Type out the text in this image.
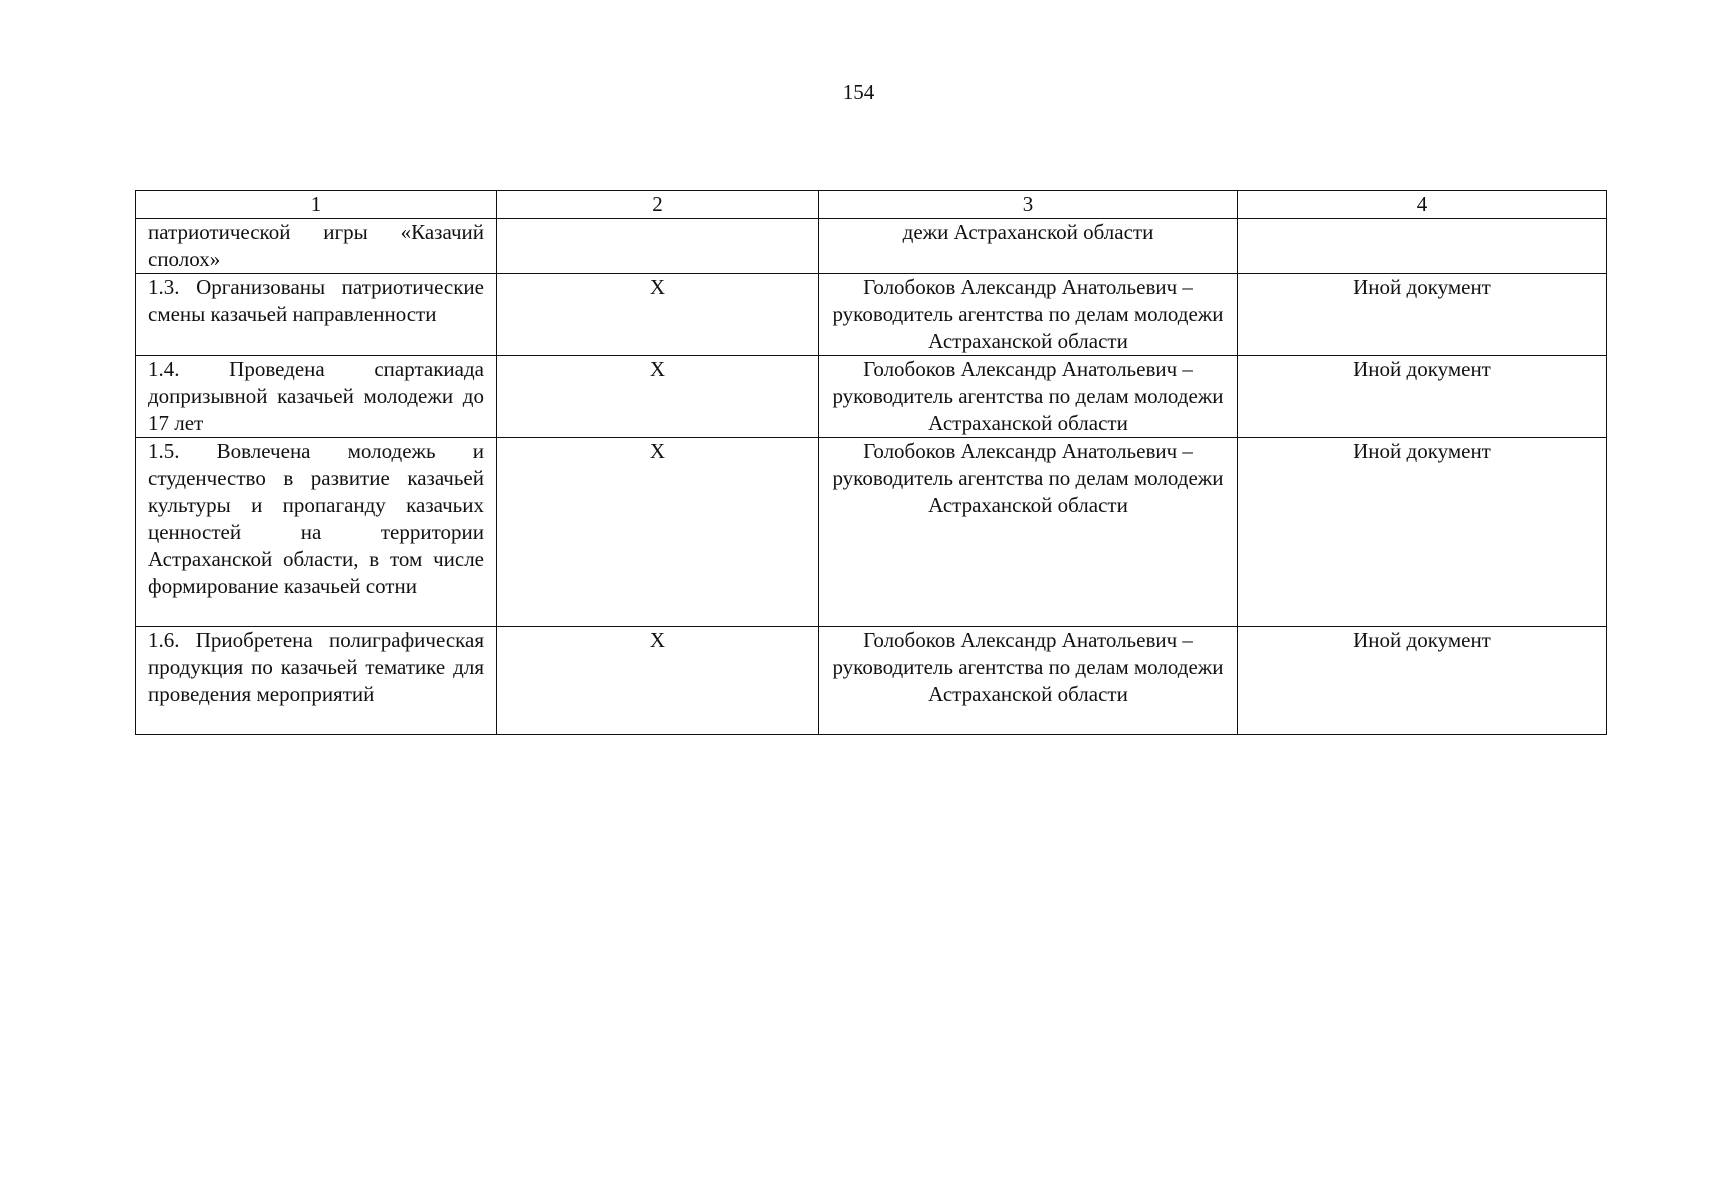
154
1	2	3	4
патриотической игры «Казачий сполох»		дежи Астраханской области	
1.3. Организованы патриотические смены казачьей направленности	X	Голобоков Александр Анатольевич – руководитель агентства по делам молодежи Астраханской области	Иной документ
1.4. Проведена спартакиада допризывной казачьей молодежи до 17 лет	X	Голобоков Александр Анатольевич – руководитель агентства по делам молодежи Астраханской области	Иной документ
1.5. Вовлечена молодежь и студенчество в развитие казачьей культуры и пропаганду казачьих ценностей на территории Астраханской области, в том числе формирование казачьей сотни	X	Голобоков Александр Анатольевич – руководитель агентства по делам молодежи Астраханской области	Иной документ
1.6. Приобретена полиграфическая продукция по казачьей тематике для проведения мероприятий	X	Голобоков Александр Анатольевич – руководитель агентства по делам молодежи Астраханской области	Иной документ
